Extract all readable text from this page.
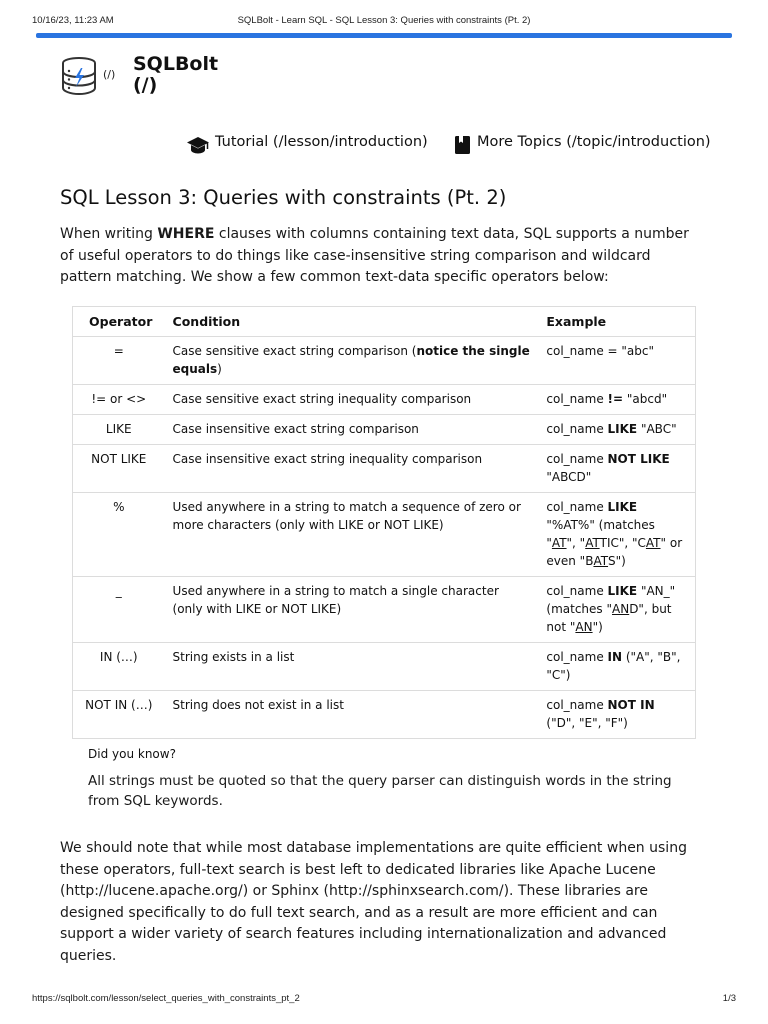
10/16/23, 11:23 AM	SQLBolt - Learn SQL - SQL Lesson 3: Queries with constraints (Pt. 2)
(/) SQLBolt
(/)
Tutorial (/lesson/introduction)	More Topics (/topic/introduction)
SQL Lesson 3: Queries with constraints (Pt. 2)

When writing WHERE clauses with columns containing text data, SQL supports a number of useful operators to do things like case-insensitive string comparison and wildcard pattern matching. We show a few common text-data specific operators below:

Operator	Condition	Example
=	Case sensitive exact string comparison (notice the single equals)	col_name = "abc"
!= or <>	Case sensitive exact string inequality comparison	col_name != "abcd"
LIKE	Case insensitive exact string comparison	col_name LIKE "ABC"
NOT LIKE	Case insensitive exact string inequality comparison	col_name NOT LIKE "ABCD"
%	Used anywhere in a string to match a sequence of zero or more characters (only with LIKE or NOT LIKE)	col_name LIKE "%AT%" (matches "AT", "ATTIC", "CAT" or even "BATS")
_	Used anywhere in a string to match a single character (only with LIKE or NOT LIKE)	col_name LIKE "AN_" (matches "AND", but not "AN")
IN (…)	String exists in a list	col_name IN ("A", "B", "C")
NOT IN (…)	String does not exist in a list	col_name NOT IN ("D", "E", "F")
Did you know?

All strings must be quoted so that the query parser can distinguish words in the string from SQL keywords.

We should note that while most database implementations are quite efficient when using these operators, full-text search is best left to dedicated libraries like Apache Lucene (http://lucene.apache.org/) or Sphinx (http://sphinxsearch.com/). These libraries are designed specifically to do full text search, and as a result are more efficient and can support a wider variety of search features including internationalization and advanced queries.

https://sqlbolt.com/lesson/select_queries_with_constraints_pt_2	1/3
